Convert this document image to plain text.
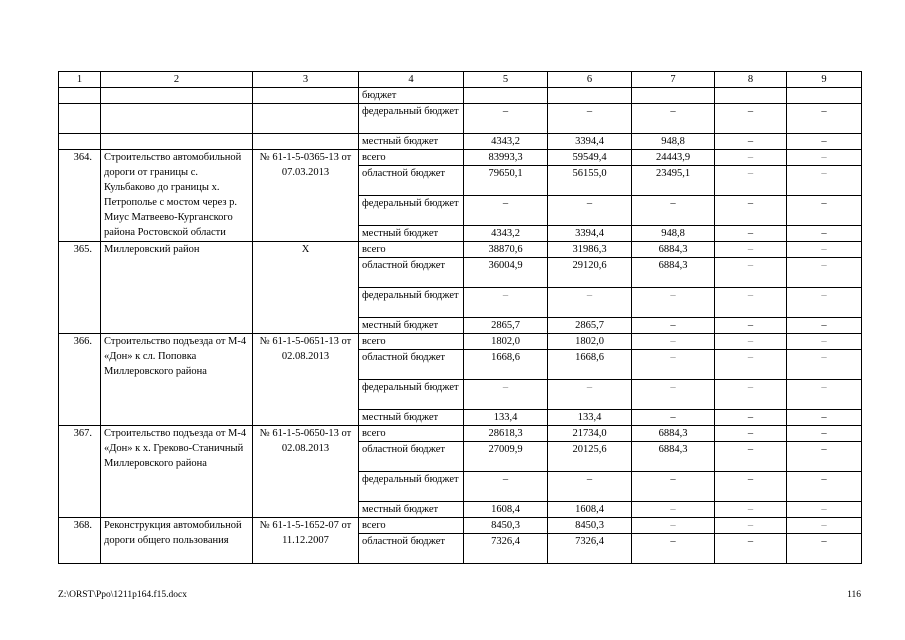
1	2	3	4	5	6	7	8	9
			бюджет					
			федеральный бюджет	–	–	–	–	–
			местный бюджет	4343,2	3394,4	948,8	–	–
364.	Строительство автомобильной дороги от границы с. Кульбаково до границы х. Петрополье с мостом через р. Миус Матвеево-Курганского района Ростовской области	№ 61-1-5-0365-13 от 07.03.2013	всего	83993,3	59549,4	24443,9	–	–
			областной бюджет	79650,1	56155,0	23495,1	–	–
			федеральный бюджет	–	–	–	–	–
			местный бюджет	4343,2	3394,4	948,8	–	–
365.	Миллеровский район	Х	всего	38870,6	31986,3	6884,3	–	–
			областной бюджет	36004,9	29120,6	6884,3	–	–
			федеральный бюджет	–	–	–	–	–
			местный бюджет	2865,7	2865,7	–	–	–
366.	Строительство подъезда от М-4 «Дон» к сл. Поповка Миллеровского района	№ 61-1-5-0651-13 от 02.08.2013	всего	1802,0	1802,0	–	–	–
			областной бюджет	1668,6	1668,6	–	–	–
			федеральный бюджет	–	–	–	–	–
			местный бюджет	133,4	133,4	–	–	–
367.	Строительство подъезда от М-4 «Дон» к х. Греково-Станичный Миллеровского района	№ 61-1-5-0650-13 от 02.08.2013	всего	28618,3	21734,0	6884,3	–	–
			областной бюджет	27009,9	20125,6	6884,3	–	–
			федеральный бюджет	–	–	–	–	–
			местный бюджет	1608,4	1608,4	–	–	–
368.	Реконструкция автомобильной дороги общего пользования	№ 61-1-5-1652-07 от 11.12.2007	всего	8450,3	8450,3	–	–	–
			областной бюджет	7326,4	7326,4	–	–	–
Z:\ORST\Ppo\1211p164.f15.docx	116
